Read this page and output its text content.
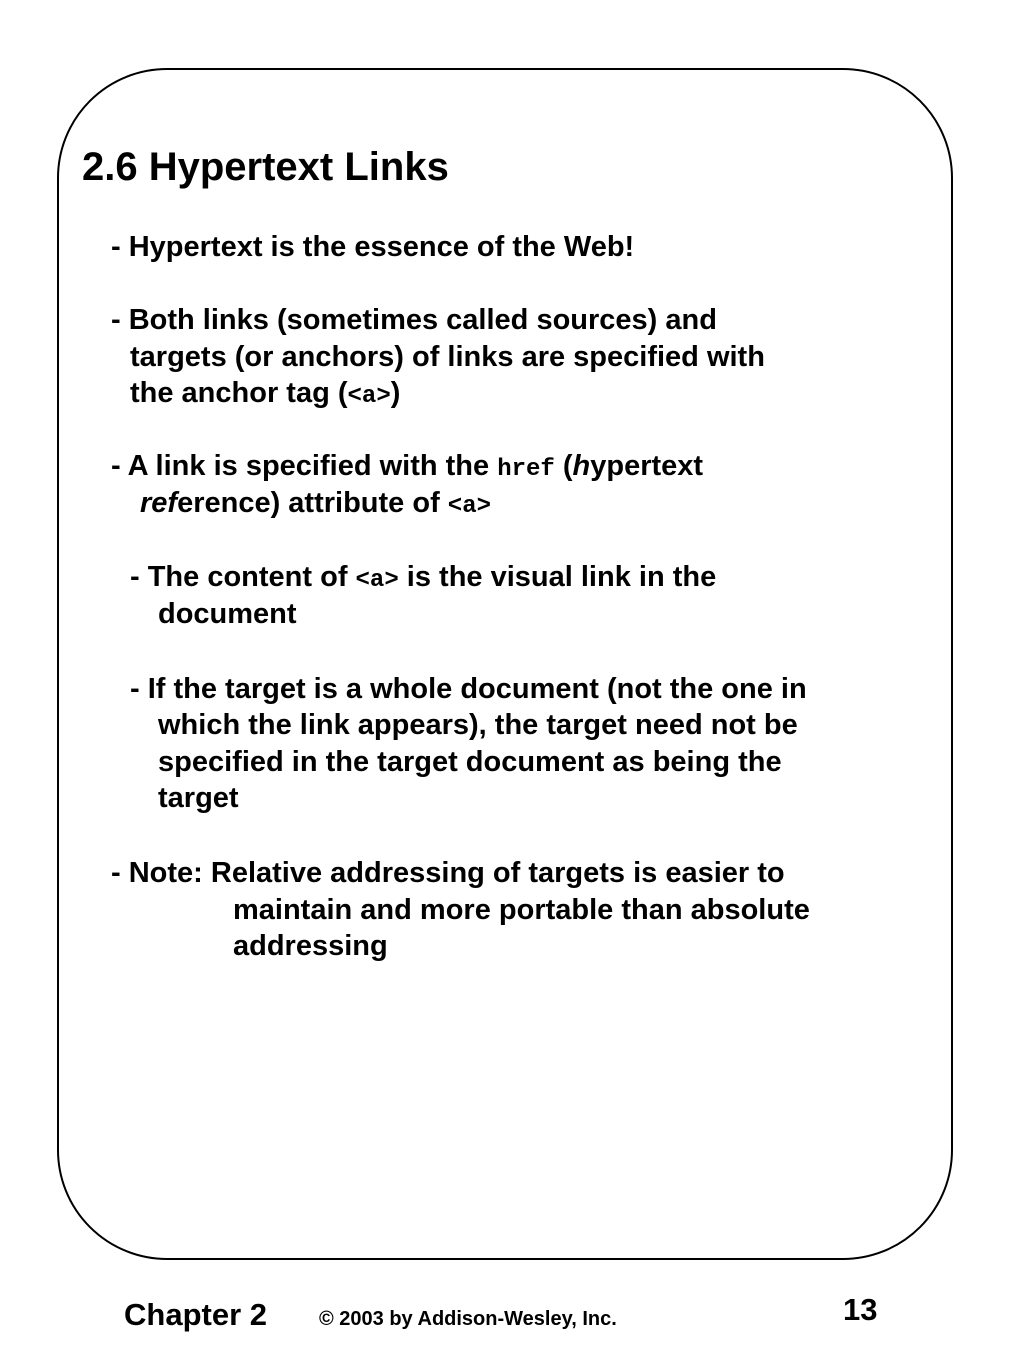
2.6 Hypertext Links
- Hypertext is the essence of the Web!
- Both links (sometimes called sources) and
targets (or anchors) of links are specified with
the anchor tag (<a>)
- A link is specified with the href (hypertext
reference) attribute of <a>
- The content of <a> is the visual link in the
document
- If the target is a whole document (not the one in
which the link appears), the target need not be
specified in the target document as being the
target
- Note: Relative addressing of targets is easier to
maintain and more portable than absolute
addressing
Chapter 2	© 2003 by Addison-Wesley, Inc.	13
